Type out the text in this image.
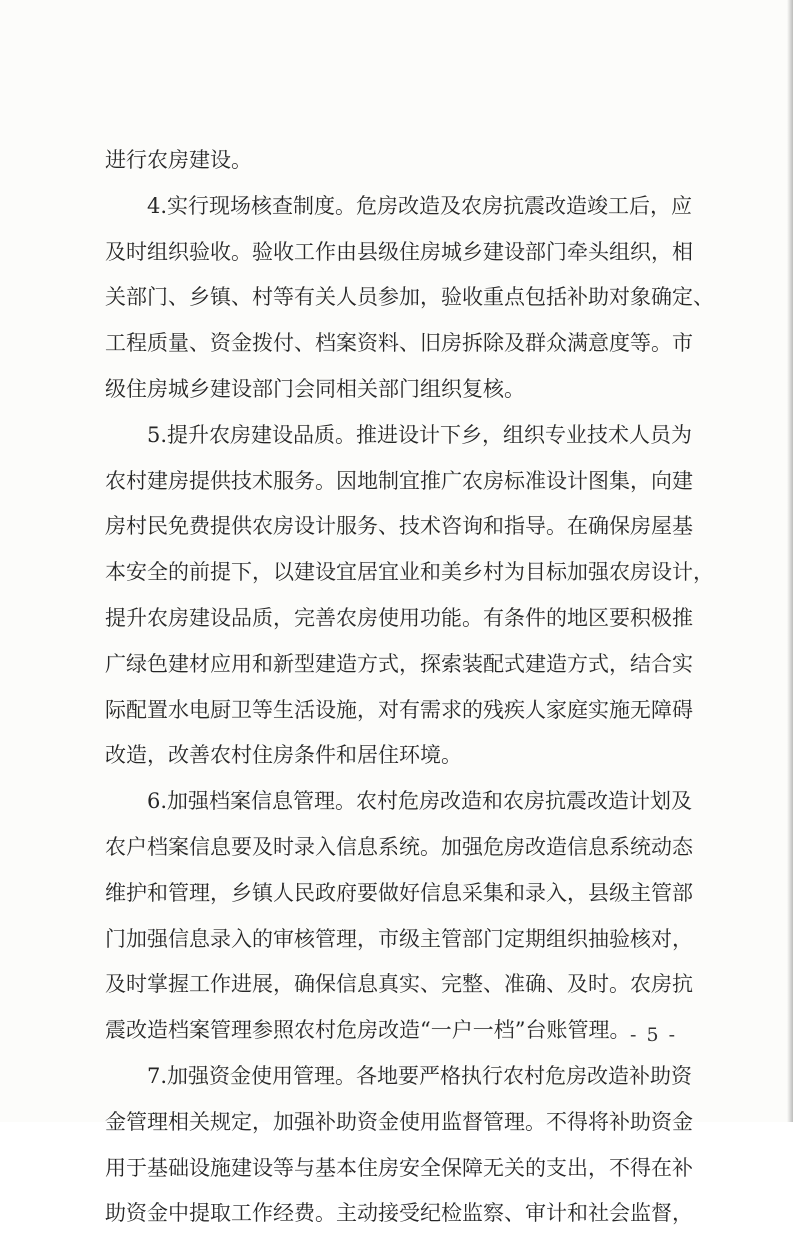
进行农房建设。
　　4.实行现场核查制度。危房改造及农房抗震改造竣工后，应
及时组织验收。验收工作由县级住房城乡建设部门牵头组织，相
关部门、乡镇、村等有关人员参加，验收重点包括补助对象确定、
工程质量、资金拨付、档案资料、旧房拆除及群众满意度等。市
级住房城乡建设部门会同相关部门组织复核。
　　5.提升农房建设品质。推进设计下乡，组织专业技术人员为
农村建房提供技术服务。因地制宜推广农房标准设计图集，向建
房村民免费提供农房设计服务、技术咨询和指导。在确保房屋基
本安全的前提下，以建设宜居宜业和美乡村为目标加强农房设计，
提升农房建设品质，完善农房使用功能。有条件的地区要积极推
广绿色建材应用和新型建造方式，探索装配式建造方式，结合实
际配置水电厨卫等生活设施，对有需求的残疾人家庭实施无障碍
改造，改善农村住房条件和居住环境。
　　6.加强档案信息管理。农村危房改造和农房抗震改造计划及
农户档案信息要及时录入信息系统。加强危房改造信息系统动态
维护和管理，乡镇人民政府要做好信息采集和录入，县级主管部
门加强信息录入的审核管理，市级主管部门定期组织抽验核对，
及时掌握工作进展，确保信息真实、完整、准确、及时。农房抗
震改造档案管理参照农村危房改造“一户一档”台账管理。
　　7.加强资金使用管理。各地要严格执行农村危房改造补助资
金管理相关规定，加强补助资金使用监督管理。不得将补助资金
用于基础设施建设等与基本住房安全保障无关的支出，不得在补
助资金中提取工作经费。主动接受纪检监察、审计和社会监督，
- 5 -
